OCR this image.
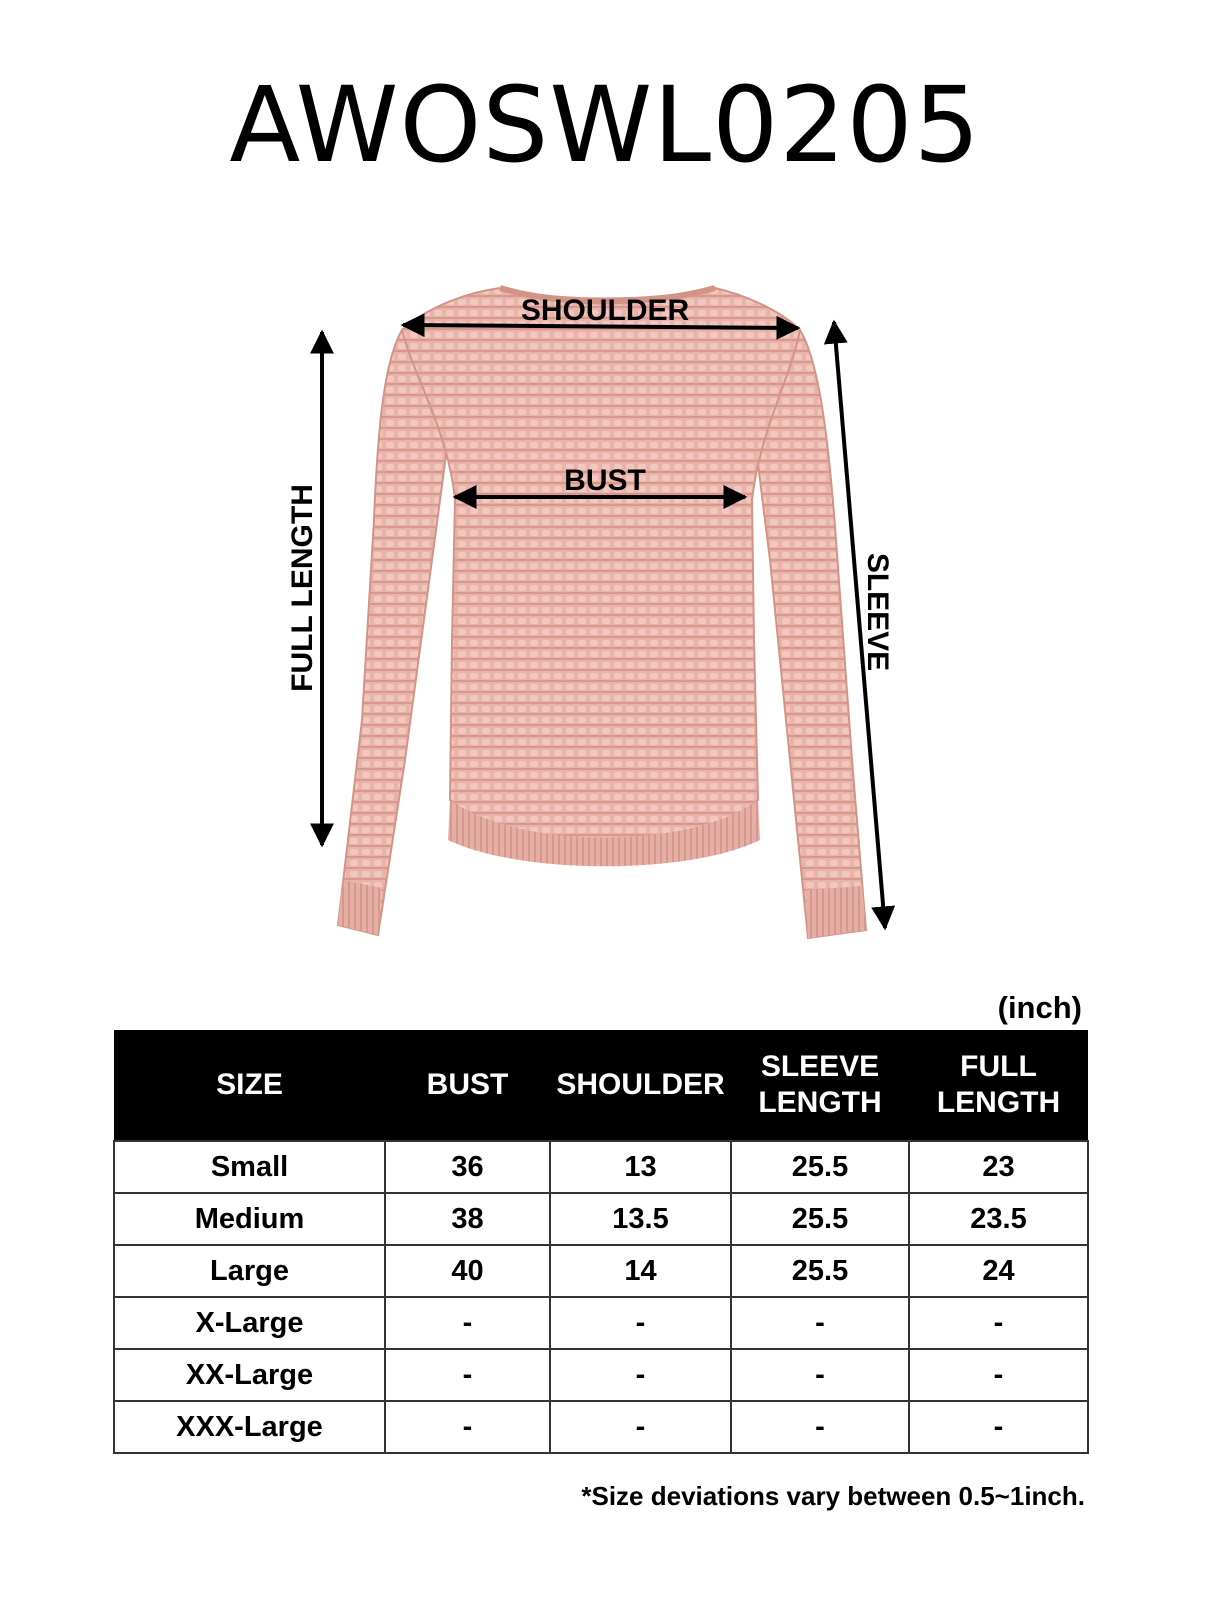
AWOSWL0205
SHOULDER
BUST
FULL LENGTH	SLEEVE
(inch)
SIZE	BUST	SHOULDER	SLEEVE LENGTH	FULL LENGTH
Small	36	13	25.5	23
Medium	38	13.5	25.5	23.5
Large	40	14	25.5	24
X-Large	-	-	-	-
XX-Large	-	-	-	-
XXX-Large	-	-	-	-
*Size deviations vary between 0.5~1inch.
